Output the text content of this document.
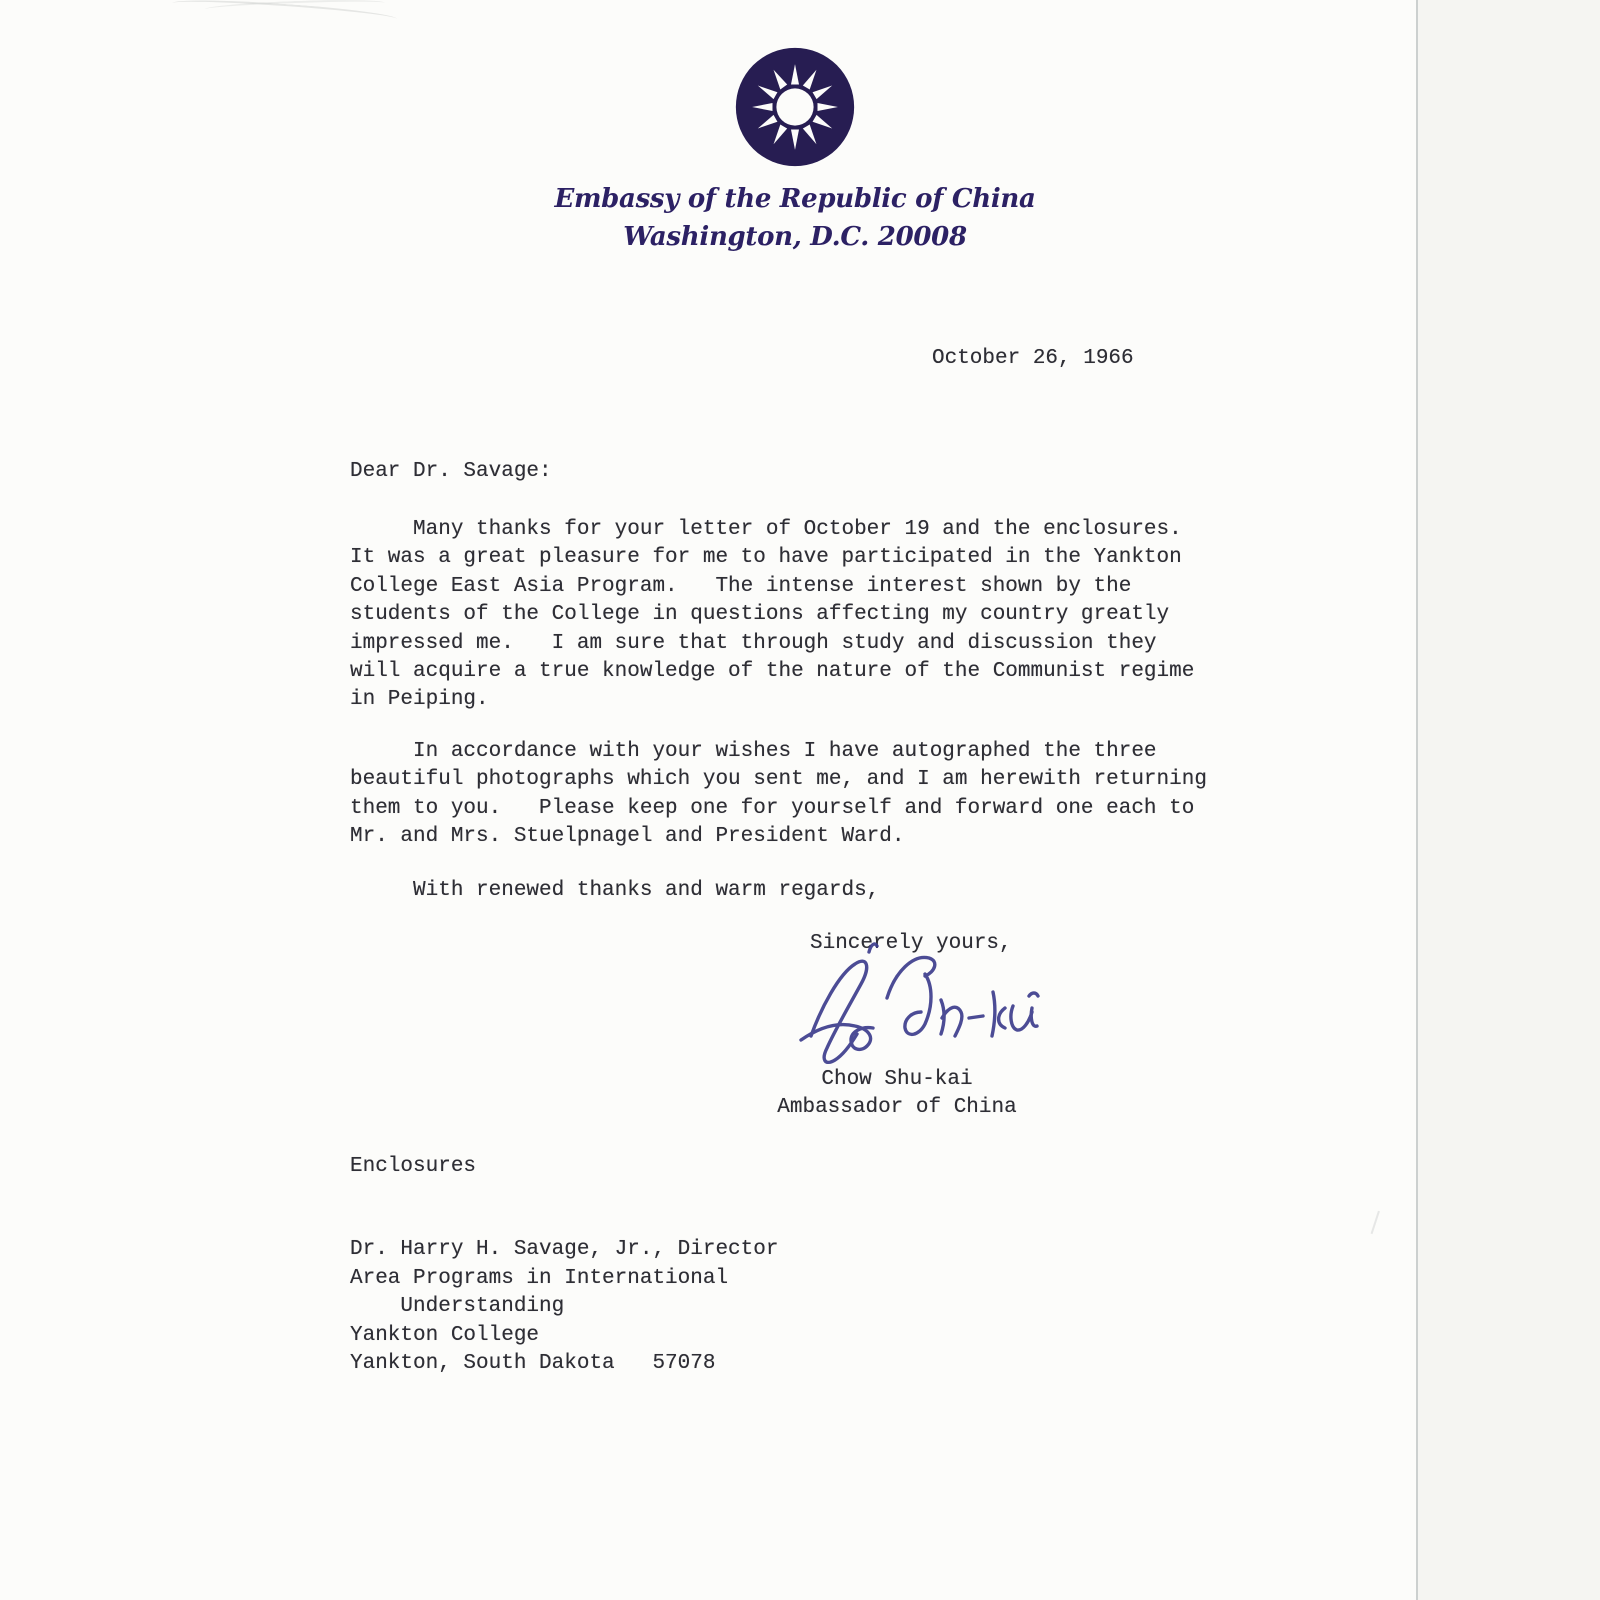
Embassy of the Republic of China
Washington, D.C. 20008
October 26, 1966
Dear Dr. Savage:
Many thanks for your letter of October 19 and the enclosures.
It was a great pleasure for me to have participated in the Yankton
College East Asia Program.   The intense interest shown by the
students of the College in questions affecting my country greatly
impressed me.   I am sure that through study and discussion they
will acquire a true knowledge of the nature of the Communist regime
in Peiping.
In accordance with your wishes I have autographed the three
beautiful photographs which you sent me, and I am herewith returning
them to you.   Please keep one for yourself and forward one each to
Mr. and Mrs. Stuelpnagel and President Ward.
With renewed thanks and warm regards,
Sincerely yours,
Chow Shu-kai
Ambassador of China
Enclosures
Dr. Harry H. Savage, Jr., Director
Area Programs in International
Understanding
Yankton College
Yankton, South Dakota   57078
